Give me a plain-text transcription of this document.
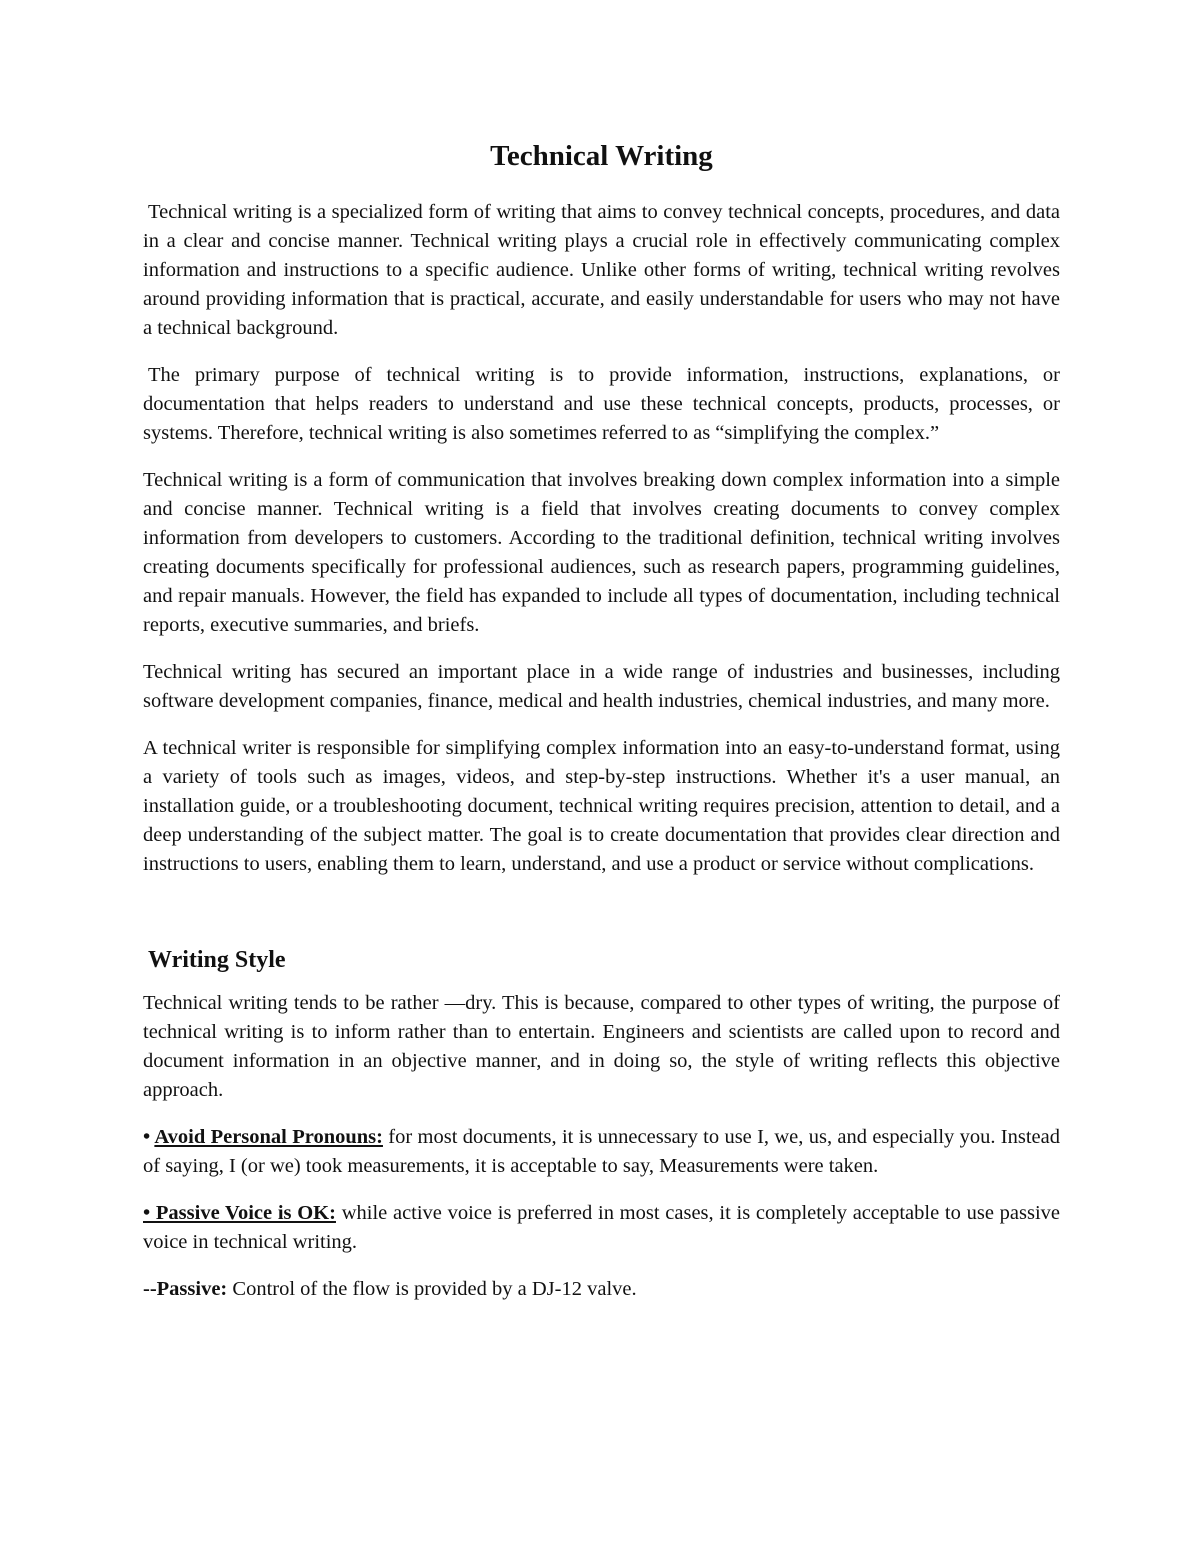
Technical Writing

Technical writing is a specialized form of writing that aims to convey technical concepts, procedures, and data in a clear and concise manner. Technical writing plays a crucial role in effectively communicating complex information and instructions to a specific audience. Unlike other forms of writing, technical writing revolves around providing information that is practical, accurate, and easily understandable for users who may not have a technical background.

The primary purpose of technical writing is to provide information, instructions, explanations, or documentation that helps readers to understand and use these technical concepts, products, processes, or systems. Therefore, technical writing is also sometimes referred to as “simplifying the complex.”

Technical writing is a form of communication that involves breaking down complex information into a simple and concise manner. Technical writing is a field that involves creating documents to convey complex information from developers to customers. According to the traditional definition, technical writing involves creating documents specifically for professional audiences, such as research papers, programming guidelines, and repair manuals. However, the field has expanded to include all types of documentation, including technical reports, executive summaries, and briefs.

Technical writing has secured an important place in a wide range of industries and businesses, including software development companies, finance, medical and health industries, chemical industries, and many more.

A technical writer is responsible for simplifying complex information into an easy-to-understand format, using a variety of tools such as images, videos, and step-by-step instructions. Whether it's a user manual, an installation guide, or a troubleshooting document, technical writing requires precision, attention to detail, and a deep understanding of the subject matter. The goal is to create documentation that provides clear direction and instructions to users, enabling them to learn, understand, and use a product or service without complications.

Writing Style

Technical writing tends to be rather —dry. This is because, compared to other types of writing, the purpose of technical writing is to inform rather than to entertain. Engineers and scientists are called upon to record and document information in an objective manner, and in doing so, the style of writing reflects this objective approach.

• Avoid Personal Pronouns: for most documents, it is unnecessary to use I, we, us, and especially you. Instead of saying, I (or we) took measurements, it is acceptable to say, Measurements were taken.

• Passive Voice is OK: while active voice is preferred in most cases, it is completely acceptable to use passive voice in technical writing.

--Passive: Control of the flow is provided by a DJ-12 valve.
